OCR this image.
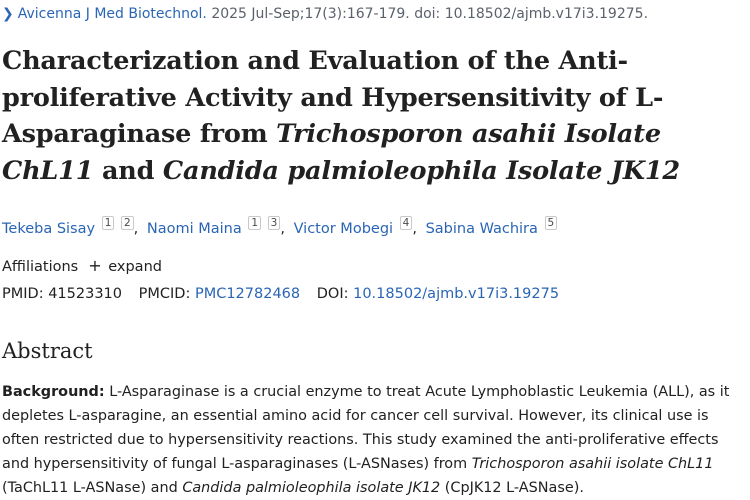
❯ Avicenna J Med Biotechnol. 2025 Jul-Sep;17(3):167-179. doi: 10.18502/ajmb.v17i3.19275.
Characterization and Evaluation of the Anti-proliferative Activity and Hypersensitivity of L-Asparaginase from Trichosporon asahii Isolate ChL11 and Candida palmioleophila Isolate JK12
Tekeba Sisay 1 2 , Naomi Maina 1 3 , Victor Mobegi 4 , Sabina Wachira 5
Affiliations + expand
PMID: 41523310 PMCID: PMC12782468 DOI: 10.18502/ajmb.v17i3.19275
Abstract

Background: L-Asparaginase is a crucial enzyme to treat Acute Lymphoblastic Leukemia (ALL), as it depletes L-asparagine, an essential amino acid for cancer cell survival. However, its clinical use is often restricted due to hypersensitivity reactions. This study examined the anti-proliferative effects and hypersensitivity of fungal L-asparaginases (L-ASNases) from Trichosporon asahii isolate ChL11 (TaChL11 L-ASNase) and Candida palmioleophila isolate JK12 (CpJK12 L-ASNase).
